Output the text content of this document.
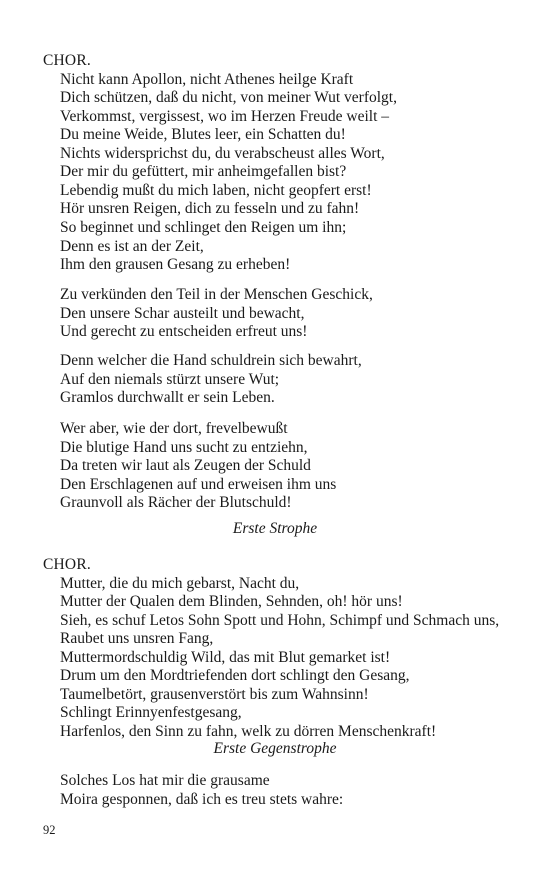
CHOR.

Nicht kann Apollon, nicht Athenes heilge Kraft
Dich schützen, daß du nicht, von meiner Wut verfolgt,
Verkommst, vergissest, wo im Herzen Freude weilt –
Du meine Weide, Blutes leer, ein Schatten du!
Nichts widersprichst du, du verabscheust alles Wort,
Der mir du gefüttert, mir anheimgefallen bist?
Lebendig mußt du mich laben, nicht geopfert erst!
Hör unsren Reigen, dich zu fesseln und zu fahn!
So beginnet und schlinget den Reigen um ihn;
Denn es ist an der Zeit,
Ihm den grausen Gesang zu erheben!
Zu verkünden den Teil in der Menschen Geschick,
Den unsere Schar austeilt und bewacht,
Und gerecht zu entscheiden erfreut uns!
Denn welcher die Hand schuldrein sich bewahrt,
Auf den niemals stürzt unsere Wut;
Gramlos durchwallt er sein Leben.
Wer aber, wie der dort, frevelbewußt
Die blutige Hand uns sucht zu entziehn,
Da treten wir laut als Zeugen der Schuld
Den Erschlagenen auf und erweisen ihm uns
Graunvoll als Rächer der Blutschuld!
Erste Strophe

CHOR.

Mutter, die du mich gebarst, Nacht du,
Mutter der Qualen dem Blinden, Sehnden, oh! hör uns!
Sieh, es schuf Letos Sohn Spott und Hohn, Schimpf und Schmach uns,
Raubet uns unsren Fang,
Muttermordschuldig Wild, das mit Blut gemarket ist!
Drum um den Mordtriefenden dort schlingt den Gesang,
Taumelbetört, grausenverstört bis zum Wahnsinn!
Schlingt Erinnyenfestgesang,
Harfenlos, den Sinn zu fahn, welk zu dörren Menschenkraft!
Erste Gegenstrophe
Solches Los hat mir die grausame
Moira gesponnen, daß ich es treu stets wahre:
92
